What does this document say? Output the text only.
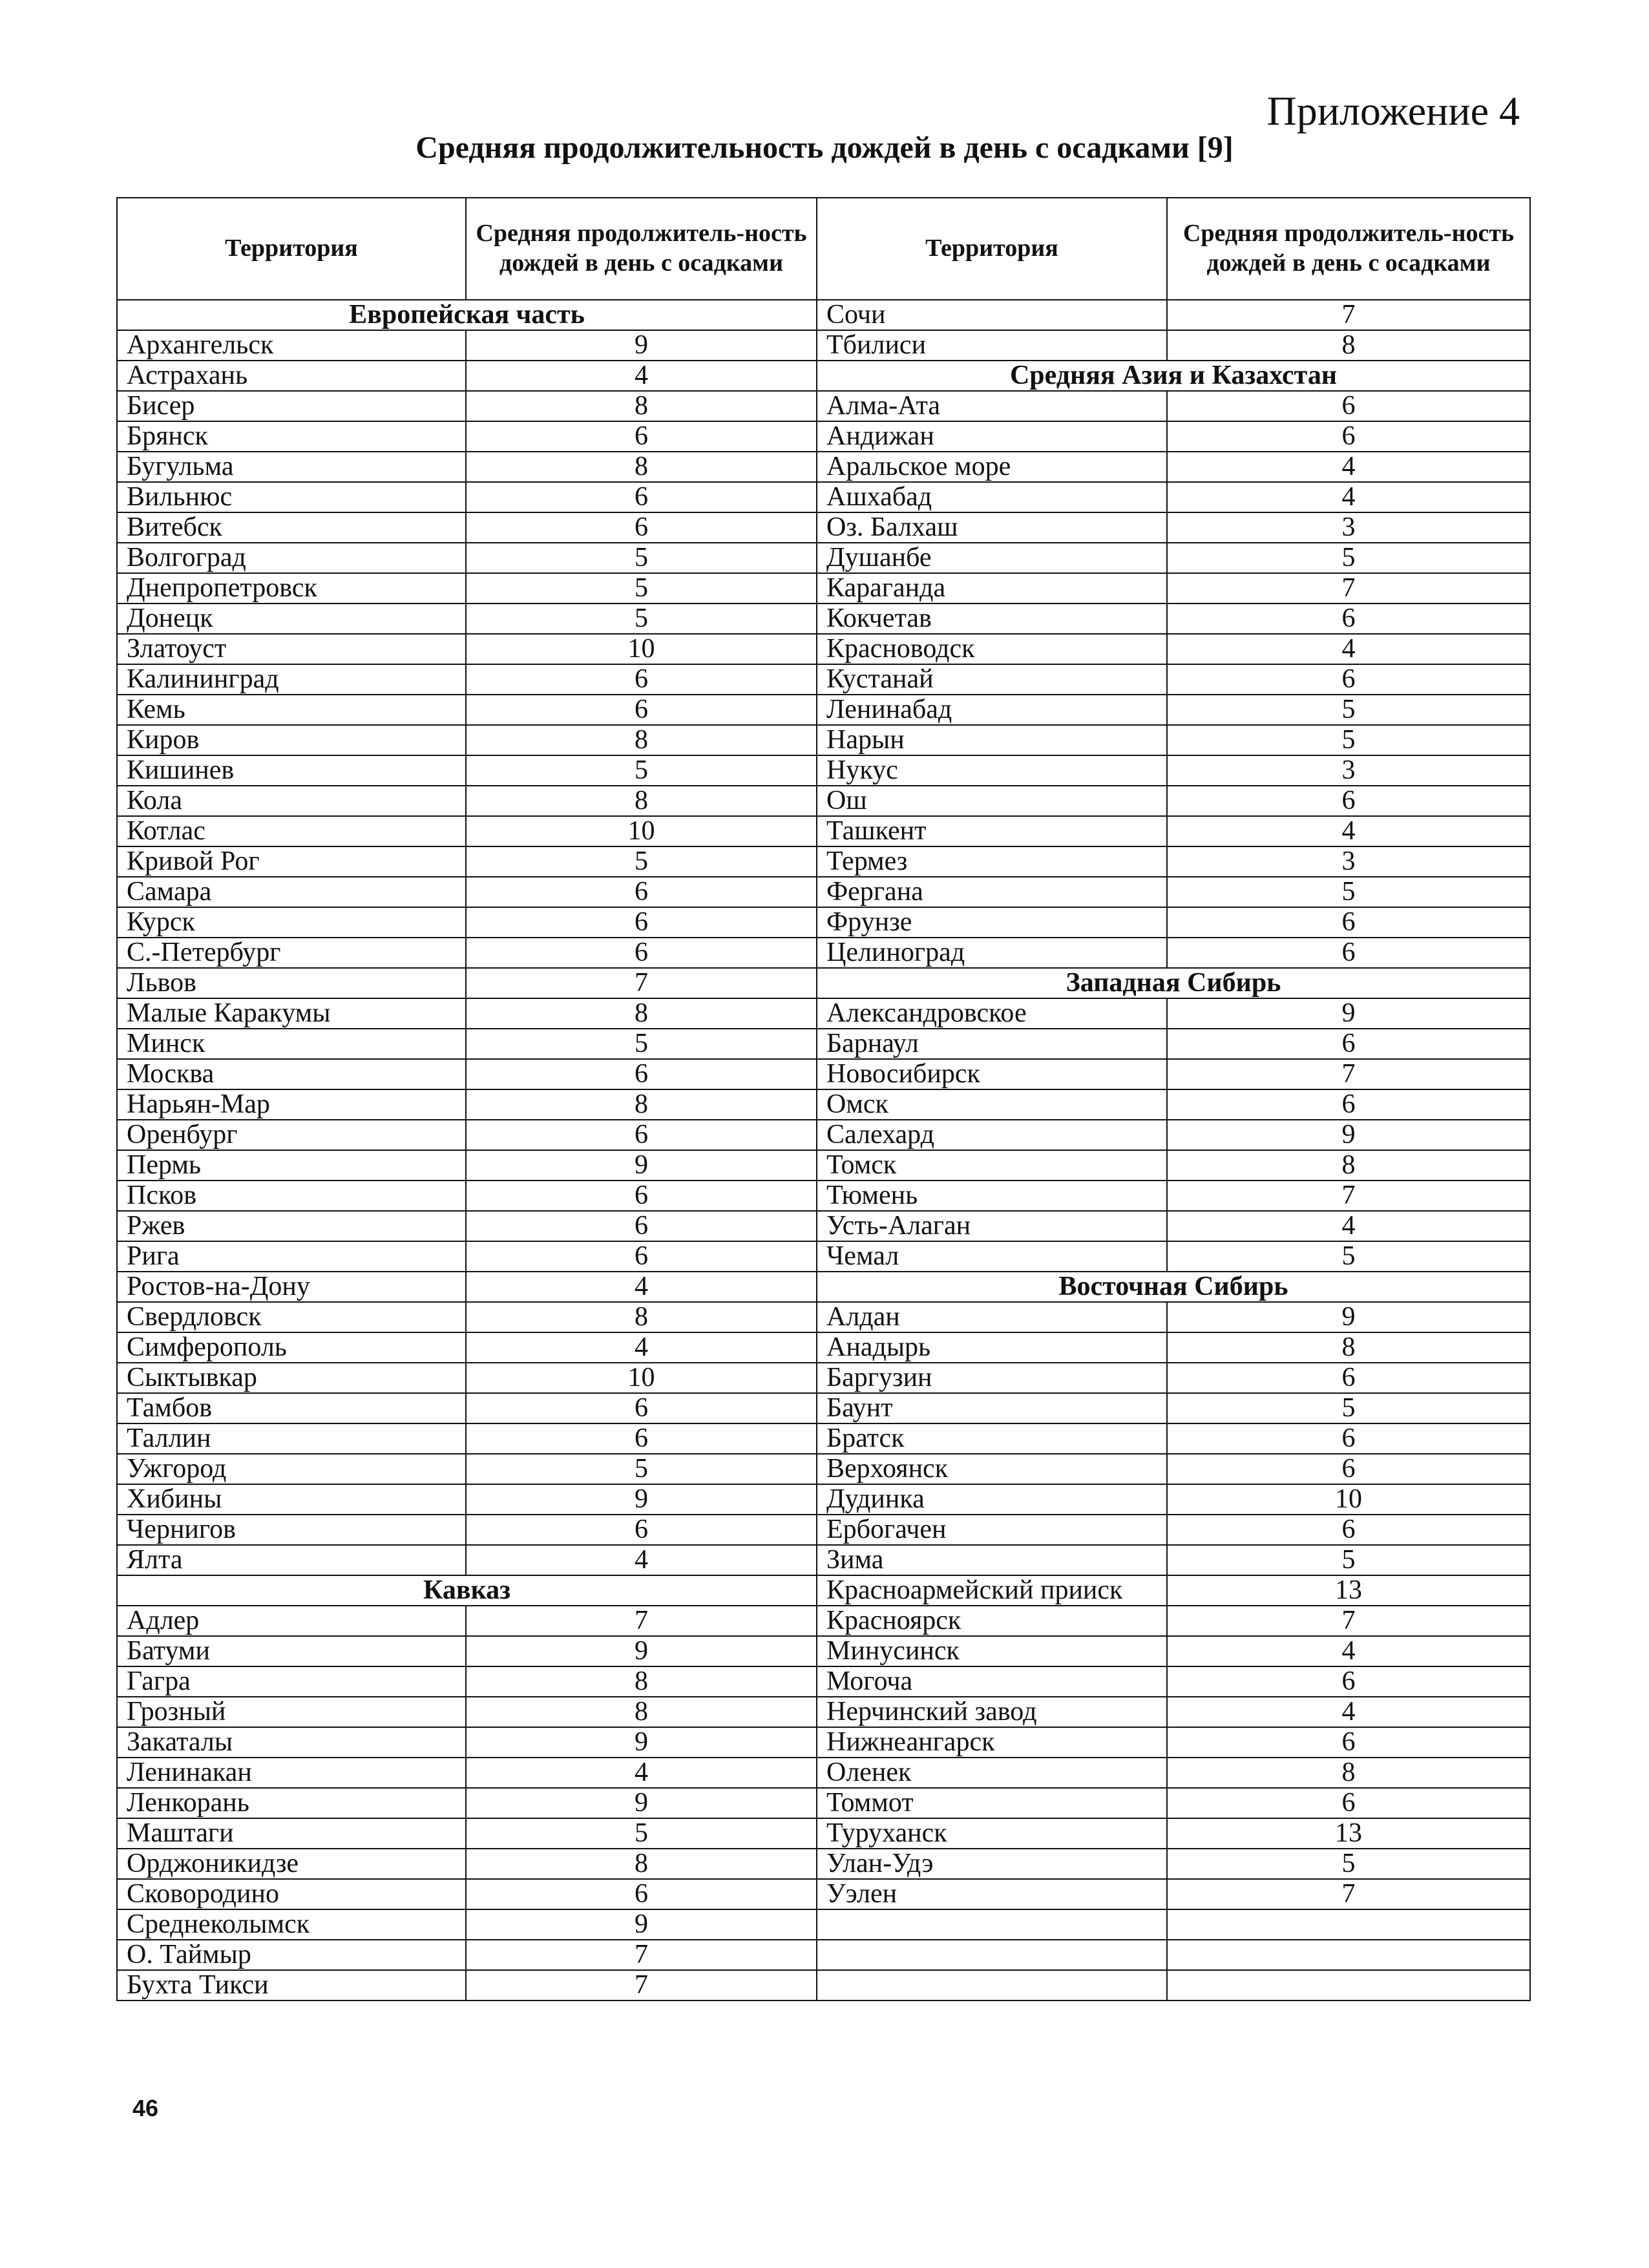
Приложение 4
Средняя продолжительность дождей в день с осадками [9]
Территория	Средняя продолжитель-ность дождей в день с осадками	Территория	Средняя продолжитель-ность дождей в день с осадками
Европейская часть		Сочи	7
Архангельск	9	Тбилиси	8
Астрахань	4	Средняя Азия и Казахстан	
Бисер	8	Алма-Ата	6
Брянск	6	Андижан	6
Бугульма	8	Аральское море	4
Вильнюс	6	Ашхабад	4
Витебск	6	Оз. Балхаш	3
Волгоград	5	Душанбе	5
Днепропетровск	5	Караганда	7
Донецк	5	Кокчетав	6
Златоуст	10	Красноводск	4
Калининград	6	Кустанай	6
Кемь	6	Ленинабад	5
Киров	8	Нарын	5
Кишинев	5	Нукус	3
Кола	8	Ош	6
Котлас	10	Ташкент	4
Кривой Рог	5	Термез	3
Самара	6	Фергана	5
Курск	6	Фрунзе	6
С.-Петербург	6	Целиноград	6
Львов	7	Западная Сибирь	
Малые Каракумы	8	Александровское	9
Минск	5	Барнаул	6
Москва	6	Новосибирск	7
Нарьян-Мар	8	Омск	6
Оренбург	6	Салехард	9
Пермь	9	Томск	8
Псков	6	Тюмень	7
Ржев	6	Усть-Алаган	4
Рига	6	Чемал	5
Ростов-на-Дону	4	Восточная Сибирь	
Свердловск	8	Алдан	9
Симферополь	4	Анадырь	8
Сыктывкар	10	Баргузин	6
Тамбов	6	Баунт	5
Таллин	6	Братск	6
Ужгород	5	Верхоянск	6
Хибины	9	Дудинка	10
Чернигов	6	Ербогачен	6
Ялта	4	Зима	5
Кавказ		Красноармейский прииск	13
Адлер	7	Красноярск	7
Батуми	9	Минусинск	4
Гагра	8	Могоча	6
Грозный	8	Нерчинский завод	4
Закаталы	9	Нижнеангарск	6
Ленинакан	4	Оленек	8
Ленкорань	9	Томмот	6
Маштаги	5	Туруханск	13
Орджоникидзе	8	Улан-Удэ	5
Сковородино	6	Уэлен	7
Среднеколымск	9		
О. Таймыр	7		
Бухта Тикси	7		

46
